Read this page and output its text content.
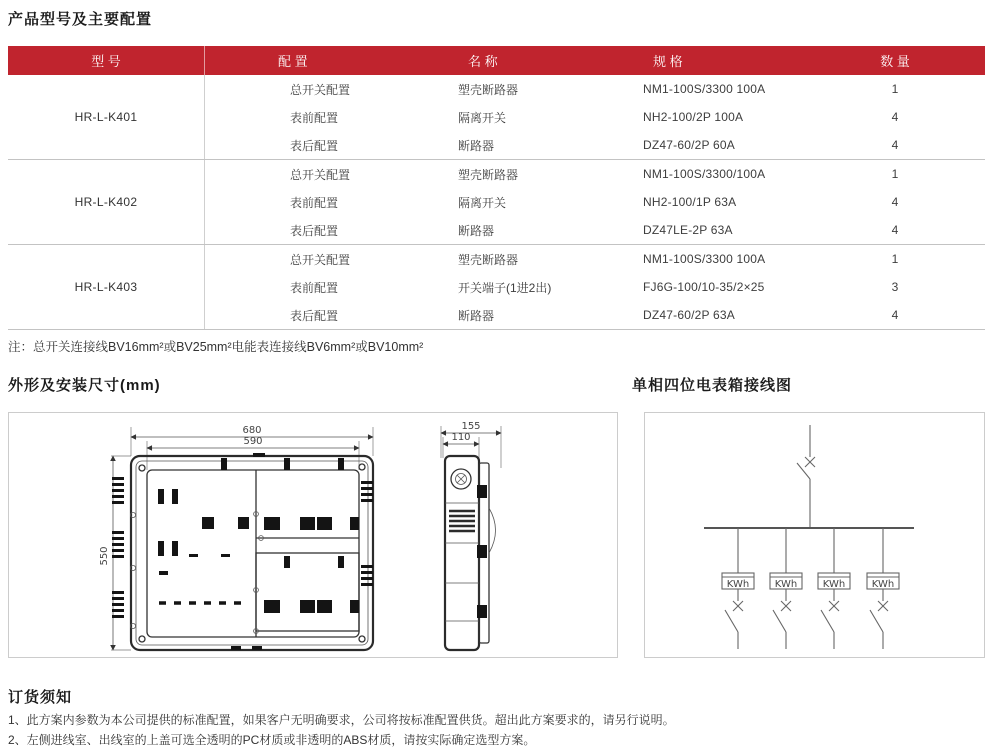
产品型号及主要配置
型 号	配 置	名 称	规 格	数 量
HR-L-K401
总开关配置	塑壳断路器	NM1-100S/3300 100A	1
表前配置	隔离开关	NH2-100/2P 100A	4
表后配置	断路器	DZ47-60/2P 60A	4
HR-L-K402
总开关配置	塑壳断路器	NM1-100S/3300/100A	1
表前配置	隔离开关	NH2-100/1P 63A	4
表后配置	断路器	DZ47LE-2P 63A	4
HR-L-K403
总开关配置	塑壳断路器	NM1-100S/3300 100A	1
表前配置	开关端子(1进2出)	FJ6G-100/10-35/2×25	3
表后配置	断路器	DZ47-60/2P 63A	4
注：总开关连接线BV16mm²或BV25mm²电能表连接线BV6mm²或BV10mm²
外形及安装尺寸(mm)	单相四位电表箱接线图
680
590
550
155
110
KWh	KWh	KWh	KWh
订货须知
1、此方案内参数为本公司提供的标准配置，如果客户无明确要求，公司将按标准配置供货。超出此方案要求的，请另行说明。
2、左侧进线室、出线室的上盖可选全透明的PC材质或非透明的ABS材质，请按实际确定选型方案。
